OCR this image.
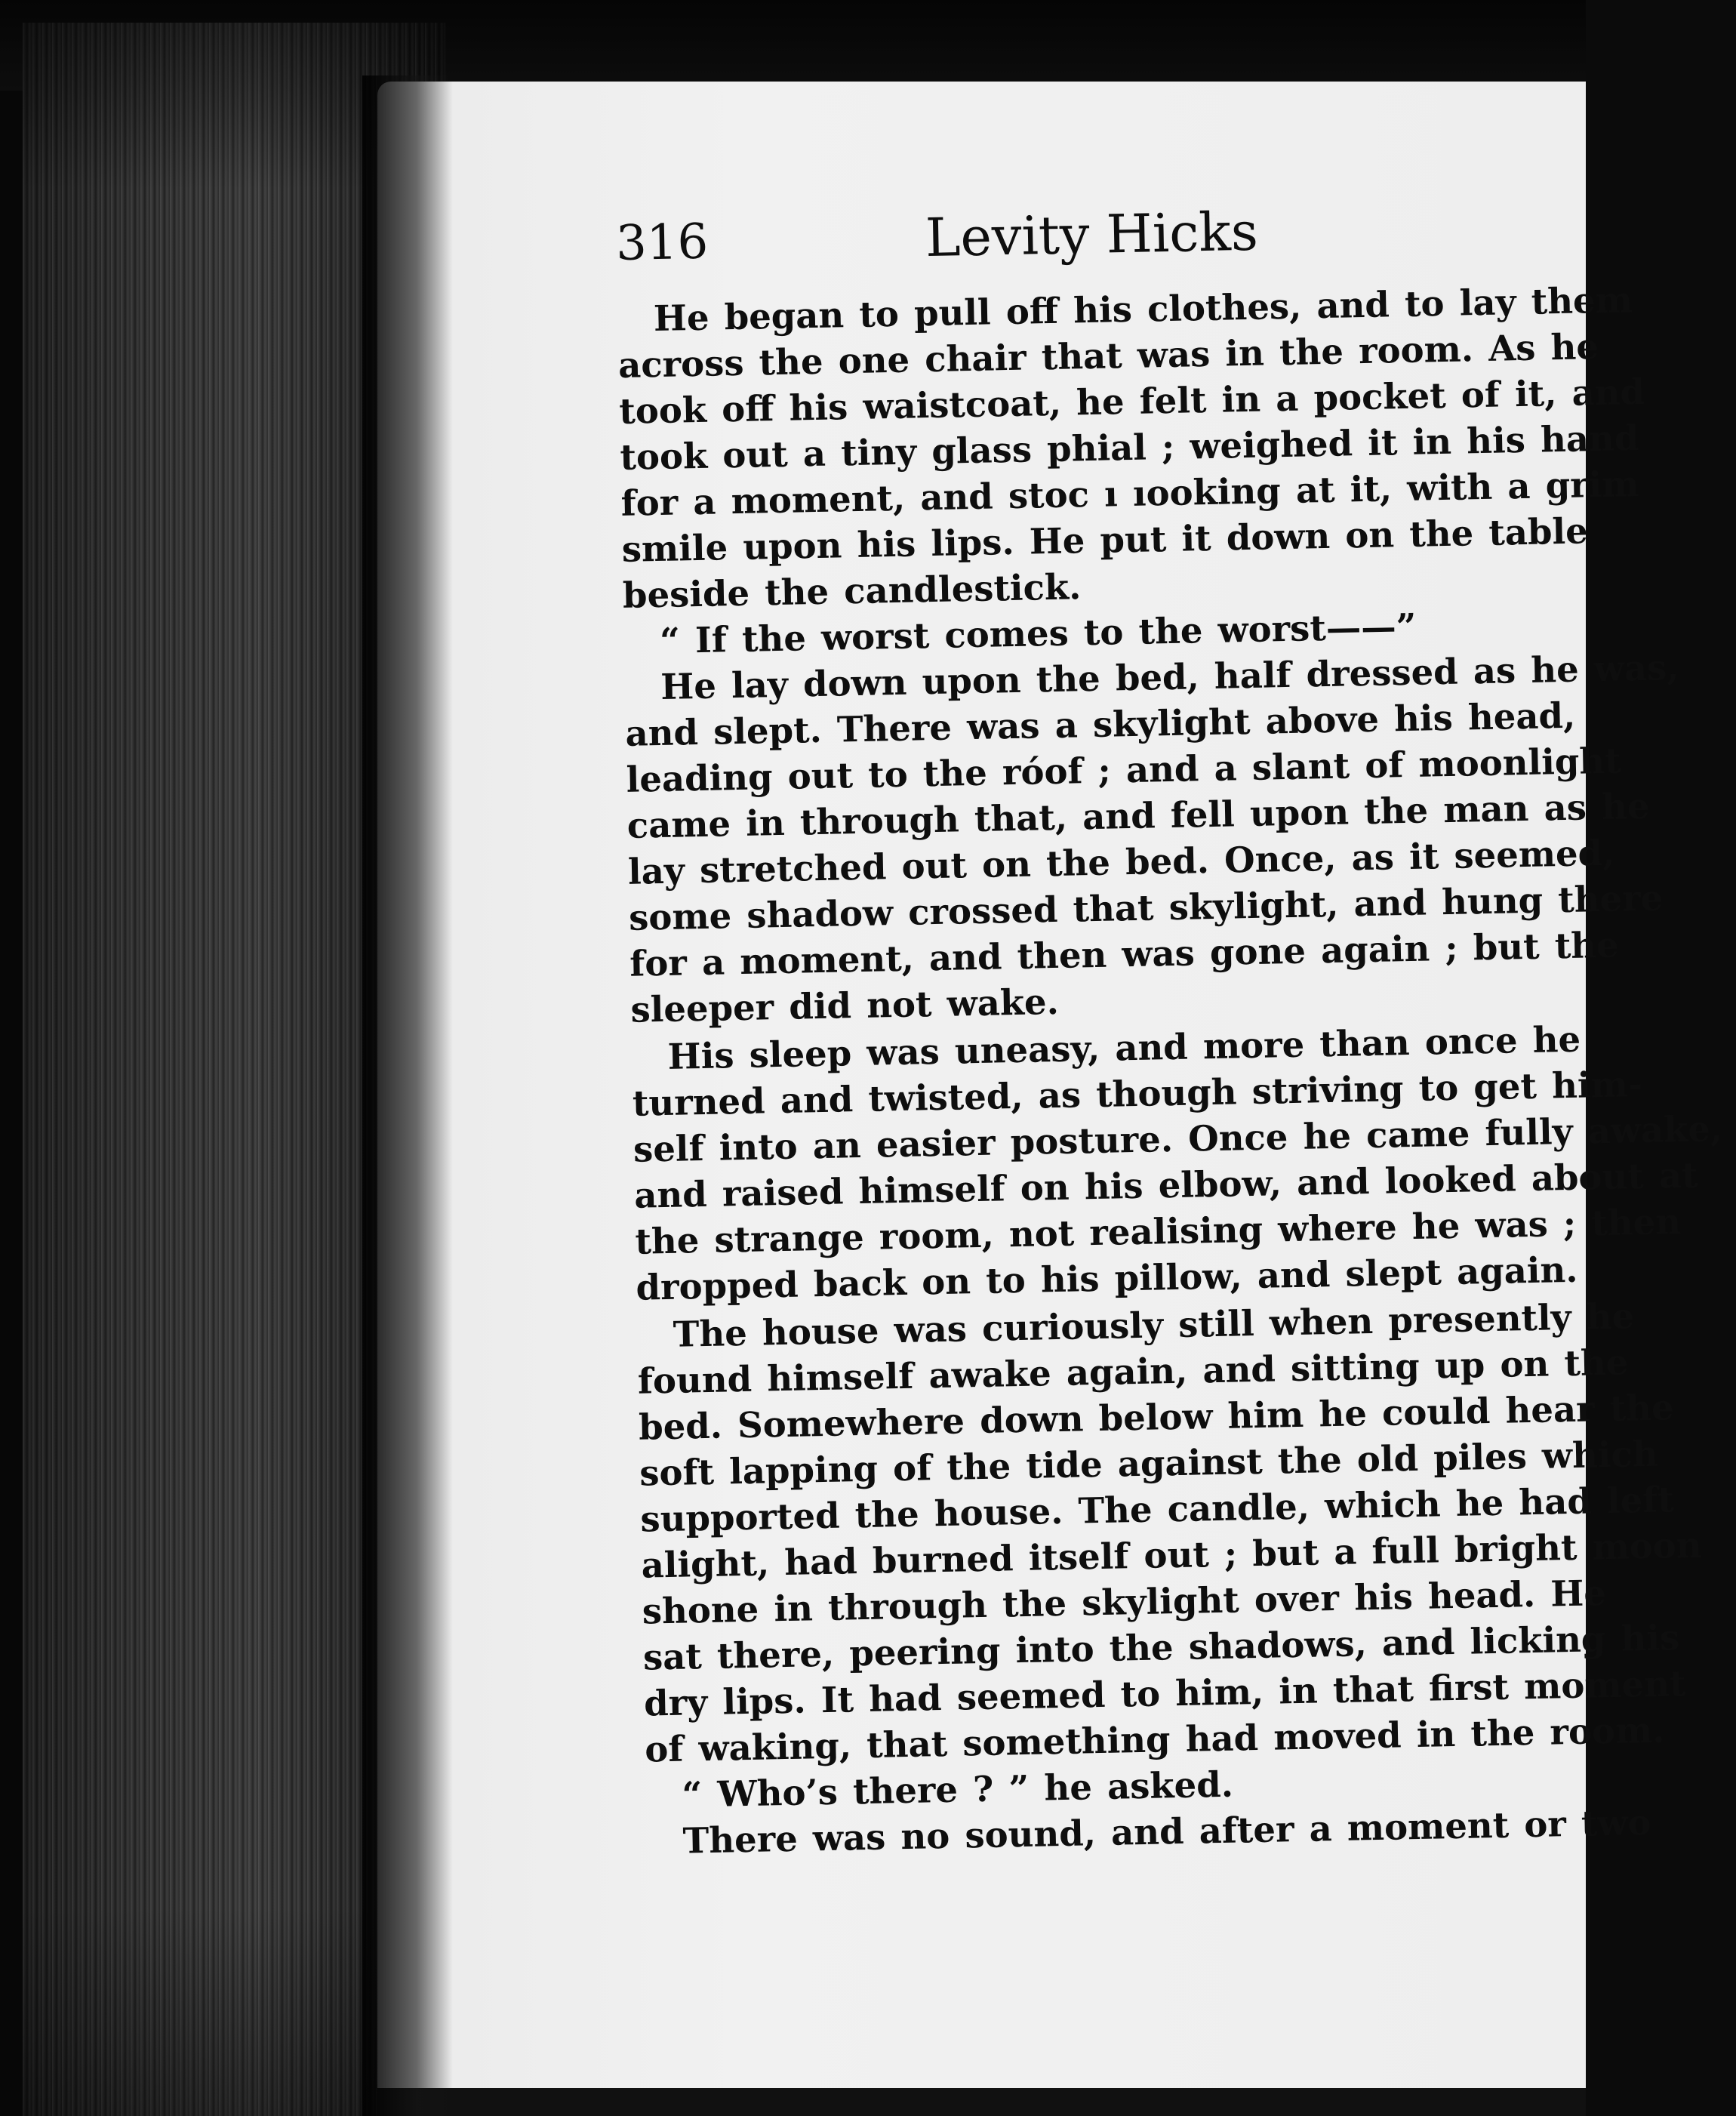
316	Levity Hicks
He began to pull off his clothes, and to lay them
across the one chair that was in the room. As he
took off his waistcoat, he felt in a pocket of it, and
took out a tiny glass phial ; weighed it in his hand
for a moment, and stoc ı ıooking at it, with a grim
smile upon his lips. He put it down on the table
beside the candlestick.
“ If the worst comes to the worst——”
He lay down upon the bed, half dressed as he was,
and slept. There was a skylight above his head,
leading out to the róof ; and a slant of moonlight
came in through that, and fell upon the man as he
lay stretched out on the bed. Once, as it seemed,
some shadow crossed that skylight, and hung there
for a moment, and then was gone again ; but the
sleeper did not wake.
His sleep was uneasy, and more than once he
turned and twisted, as though striving to get him-
self into an easier posture. Once he came fully awake,
and raised himself on his elbow, and looked about at
the strange room, not realising where he was ; then
dropped back on to his pillow, and slept again.
The house was curiously still when presently he
found himself awake again, and sitting up on the
bed. Somewhere down below him he could hear the
soft lapping of the tide against the old piles which
supported the house. The candle, which he had left
alight, had burned itself out ; but a full bright moon
shone in through the skylight over his head. He
sat there, peering into the shadows, and licking his
dry lips. It had seemed to him, in that first moment
of waking, that something had moved in the room.
“ Who’s there ? ” he asked.
There was no sound, and after a moment or two
